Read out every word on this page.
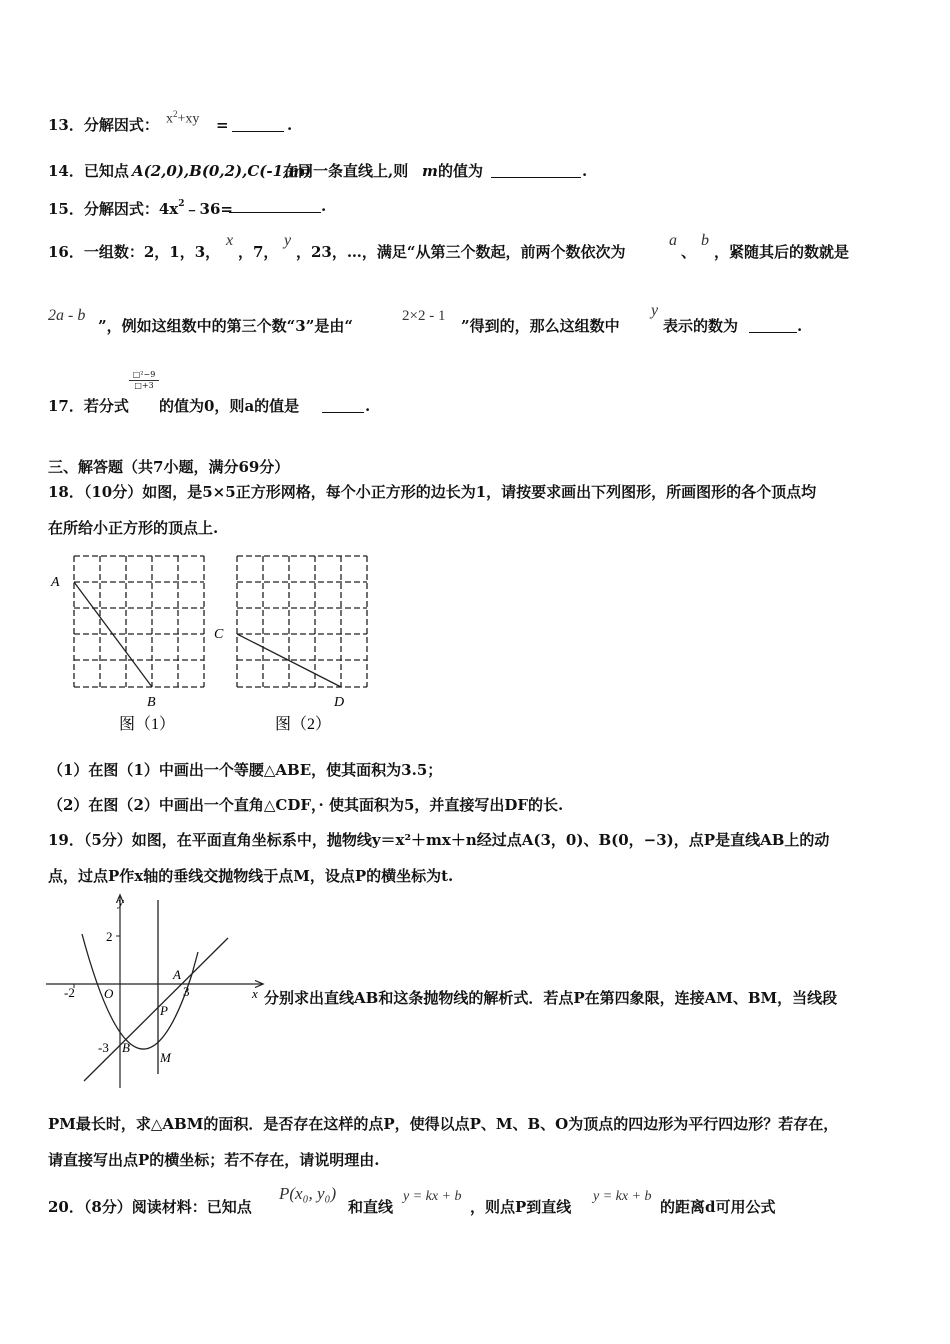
13．分解因式： $x^2+xy$ =	.
14．已知点 A(2,0),B(0,2),C(-1,m)
在同一条直线上,则 m 的值为	.
15．分解因式：$4x^2﹣36=$	.
16．一组数：2，1，3，
x
，7，
y
，23，…，满足“从第三个数起，前两个数依次为
a
、
b
，紧随其后的数就是
2a - b
”，例如这组数中的第三个数“3”是由“
2×2 - 1
”得到的，那么这组数中
y
表示的数为	.
17．若分式
$\frac{\text{□²−9}}{□+3}$
的值为0，则a的值是	.
三、解答题（共7小题，满分69分）
18．（10分）如图，是5×5正方形网格，每个小正方形的边长为1，请按要求画出下列图形，所画图形的各个顶点均
在所给小正方形的顶点上.
A
B
图（1）
C
D
图（2）
（1）在图（1）中画出一个等腰△ABE，使其面积为3.5；
（2）在图（2）中画出一个直角△CDF，· 使其面积为5，并直接写出DF的长.
19．（5分）如图，在平面直角坐标系中，抛物线y＝x²＋mx＋n经过点A(3，0)、B(0，−3)，点P是直线AB上的动
点，过点P作x轴的垂线交抛物线于点M，设点P的横坐标为t.
y
x
2
-2 O	3
-3
A
B
P
M
分别求出直线AB和这条抛物线的解析式．若点P在第四象限，连接AM、BM，当线段
PM最长时，求△ABM的面积．是否存在这样的点P，使得以点P、M、B、O为顶点的四边形为平行四边形？若存在，
请直接写出点P的横坐标；若不存在，请说明理由.
20．（8分）阅读材料：已知点
P(x₀, y₀)
和直线
y = kx + b
，则点P到直线
y = kx + b
的距离d可用公式
